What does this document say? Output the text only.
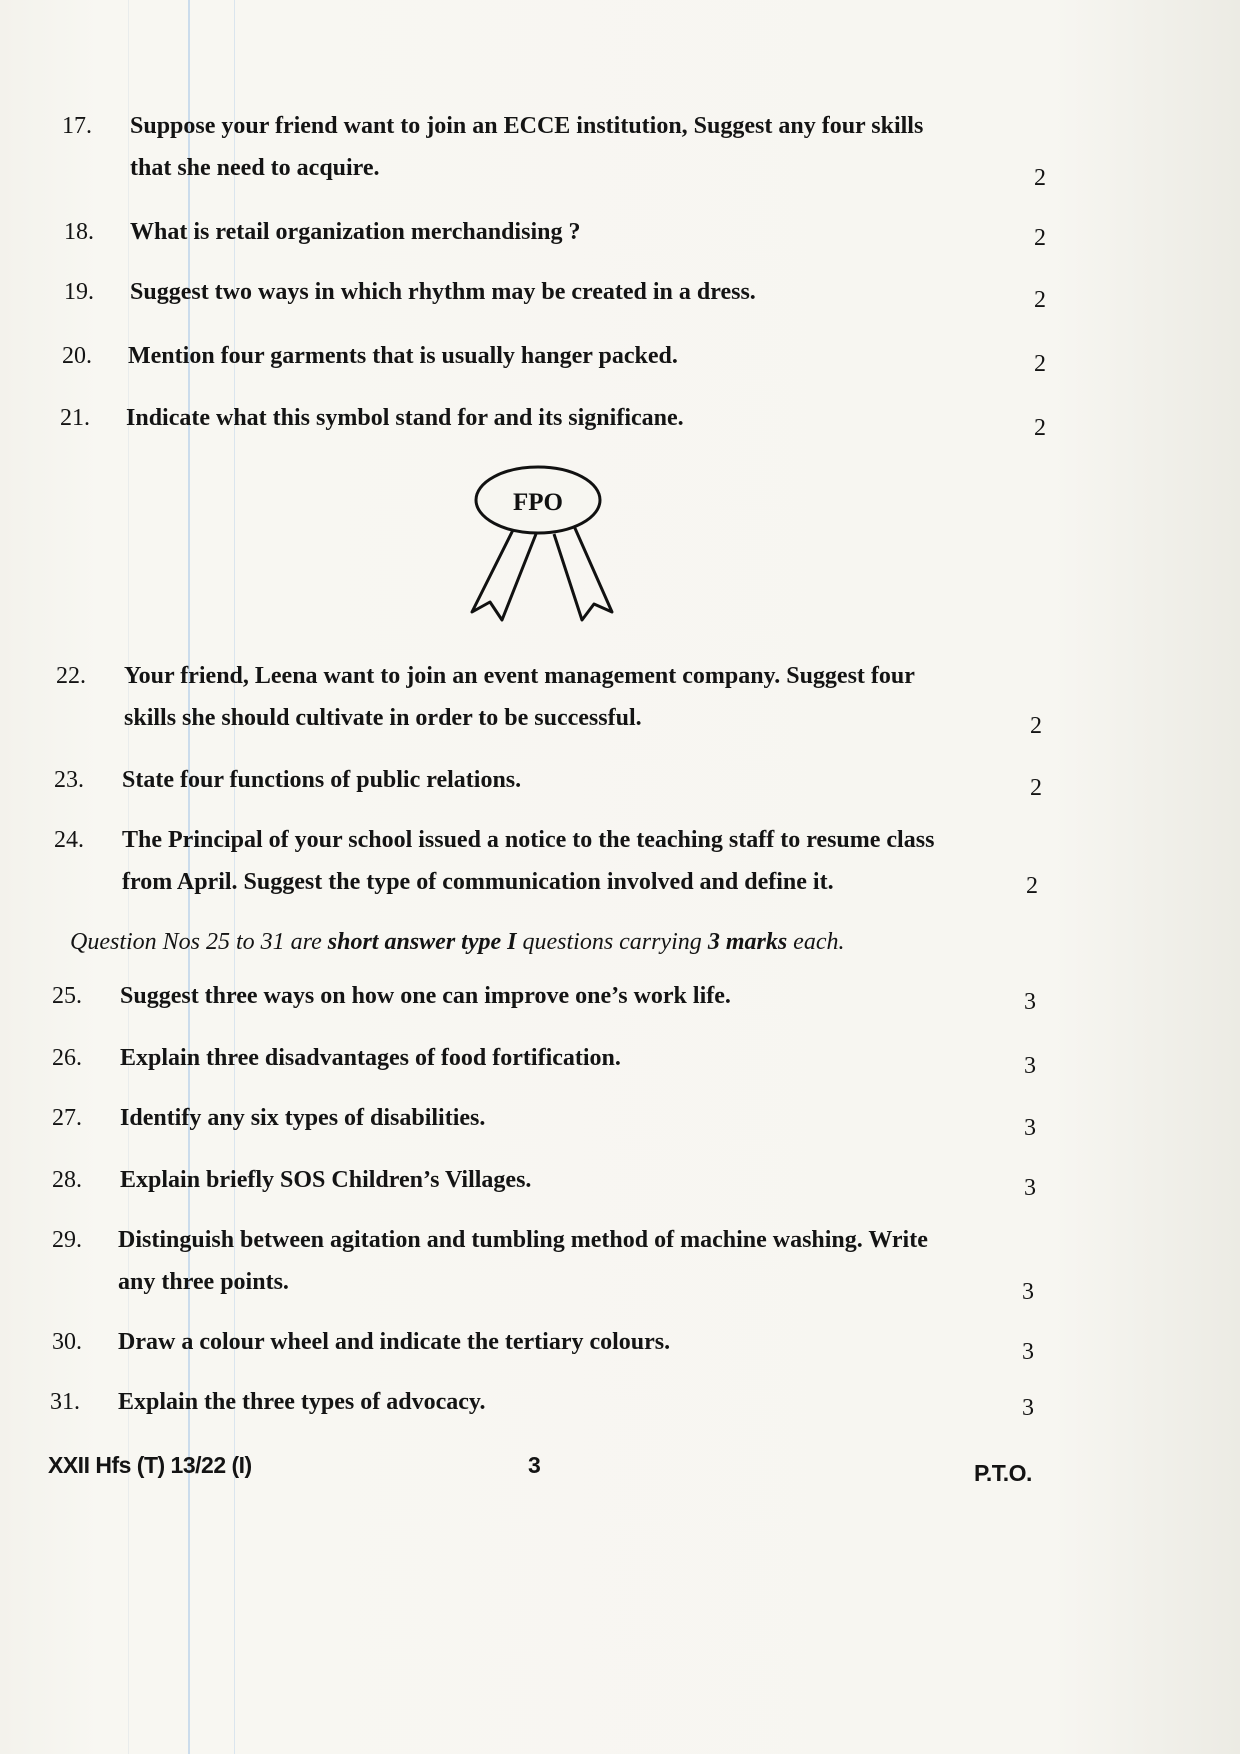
17. Suppose your friend want to join an ECCE institution, Suggest any four skills
that she need to acquire.	2
18. What is retail organization merchandising ?	2
19. Suggest two ways in which rhythm may be created in a dress.	2
20. Mention four garments that is usually hanger packed.	2
21. Indicate what this symbol stand for and its significane.	2
FPO
22. Your friend, Leena want to join an event management company. Suggest four
skills she should cultivate in order to be successful.	2
23. State four functions of public relations.	2
24. The Principal of your school issued a notice to the teaching staff to resume class
from April. Suggest the type of communication involved and define it.	2
Question Nos 25 to 31 are short answer type I questions carrying 3 marks each.
25. Suggest three ways on how one can improve one’s work life.	3
26. Explain three disadvantages of food fortification.	3
27. Identify any six types of disabilities.	3
28. Explain briefly SOS Children’s Villages.	3
29. Distinguish between agitation and tumbling method of machine washing. Write
any three points.	3
30. Draw a colour wheel and indicate the tertiary colours.	3
31. Explain the three types of advocacy.	3
XXII Hfs (T) 13/22 (I)	3	P.T.O.
